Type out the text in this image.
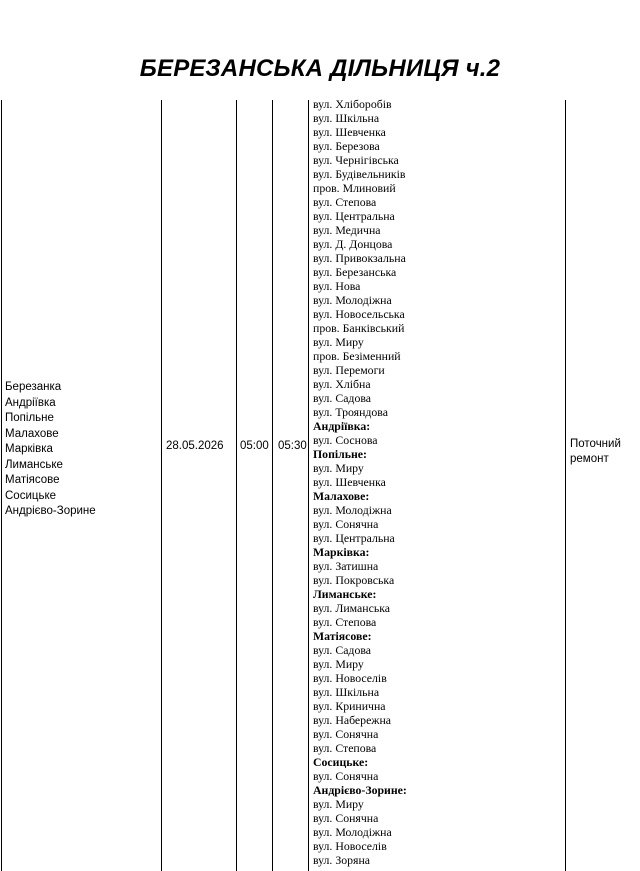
БЕРЕЗАНСЬКА ДІЛЬНИЦЯ ч.2
Березанка
Андріївка
Попільне
Малахове
Марківка
Лиманське
Матіясове
Сосицьке
Андрієво-Зорине
28.05.2026 05:00 05:30	Поточний ремонт
вул. Хліборобів
вул. Шкільна
вул. Шевченка
вул. Березова
вул. Чернігівська
вул. Будівельників
пров. Млиновий
вул. Степова
вул. Центральна
вул. Медична
вул. Д. Донцова
вул. Привокзальна
вул. Березанська
вул. Нова
вул. Молодіжна
вул. Новосельська
пров. Банківський
вул. Миру
пров. Безіменний
вул. Перемоги
вул. Хлібна
вул. Садова
вул. Трояндова
Андріївка:
вул. Соснова
Попільне:
вул. Миру
вул. Шевченка
Малахове:
вул. Молодіжна
вул. Сонячна
вул. Центральна
Марківка:
вул. Затишна
вул. Покровська
Лиманське:
вул. Лиманська
вул. Степова
Матіясове:
вул. Садова
вул. Миру
вул. Новоселів
вул. Шкільна
вул. Кринична
вул. Набережна
вул. Сонячна
вул. Степова
Сосицьке:
вул. Сонячна
Андрієво-Зорине:
вул. Миру
вул. Сонячна
вул. Молодіжна
вул. Новоселів
вул. Зоряна
